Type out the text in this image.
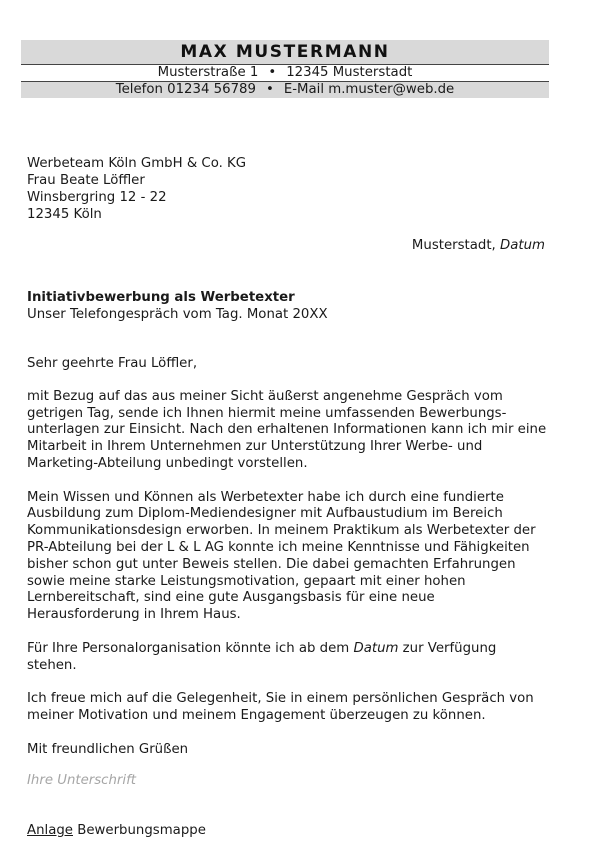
MAX MUSTERMANN
Musterstraße 1 • 12345 Musterstadt
Telefon 01234 56789 • E-Mail m.muster@web.de
Werbeteam Köln GmbH & Co. KG
Frau Beate Löffler
Winsbergring 12 - 22
12345 Köln
Musterstadt, Datum
Initiativbewerbung als Werbetexter
Unser Telefongespräch vom Tag. Monat 20XX

Sehr geehrte Frau Löffler,

mit Bezug auf das aus meiner Sicht äußerst angenehme Gespräch vom getrigen Tag, sende ich Ihnen hiermit meine umfassenden Bewerbungs-unterlagen zur Einsicht. Nach den erhaltenen Informationen kann ich mir eine Mitarbeit in Ihrem Unternehmen zur Unterstützung Ihrer Werbe- und Marketing-Abteilung unbedingt vorstellen.

Mein Wissen und Können als Werbetexter habe ich durch eine fundierte Ausbildung zum Diplom-Mediendesigner mit Aufbaustudium im Bereich Kommunikationsdesign erworben. In meinem Praktikum als Werbetexter der PR-Abteilung bei der L & L AG konnte ich meine Kenntnisse und Fähigkeiten bisher schon gut unter Beweis stellen. Die dabei gemachten Erfahrungen sowie meine starke Leistungsmotivation, gepaart mit einer hohen Lernbereitschaft, sind eine gute Ausgangsbasis für eine neue Herausforderung in Ihrem Haus.

Für Ihre Personalorganisation könnte ich ab dem Datum zur Verfügung stehen.

Ich freue mich auf die Gelegenheit, Sie in einem persönlichen Gespräch von meiner Motivation und meinem Engagement überzeugen zu können.

Mit freundlichen Grüßen

Ihre Unterschrift
Anlage Bewerbungsmappe
